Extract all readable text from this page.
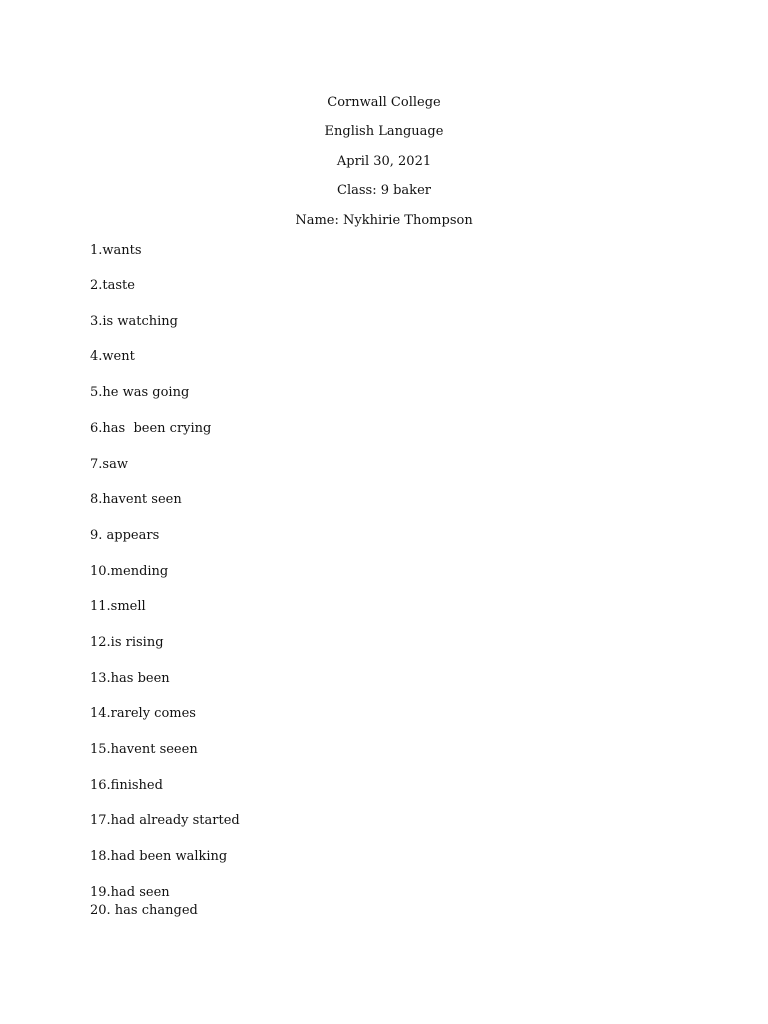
Cornwall College
English Language
April 30, 2021
Class: 9 baker
Name: Nykhirie Thompson
1.wants
2.taste
3.is watching
4.went
5.he was going
6.has  been crying
7.saw
8.havent seen
9. appears
10.mending
11.smell
12.is rising
13.has been
14.rarely comes
15.havent seeen
16.finished
17.had already started
18.had been walking
19.had seen
20. has changed
